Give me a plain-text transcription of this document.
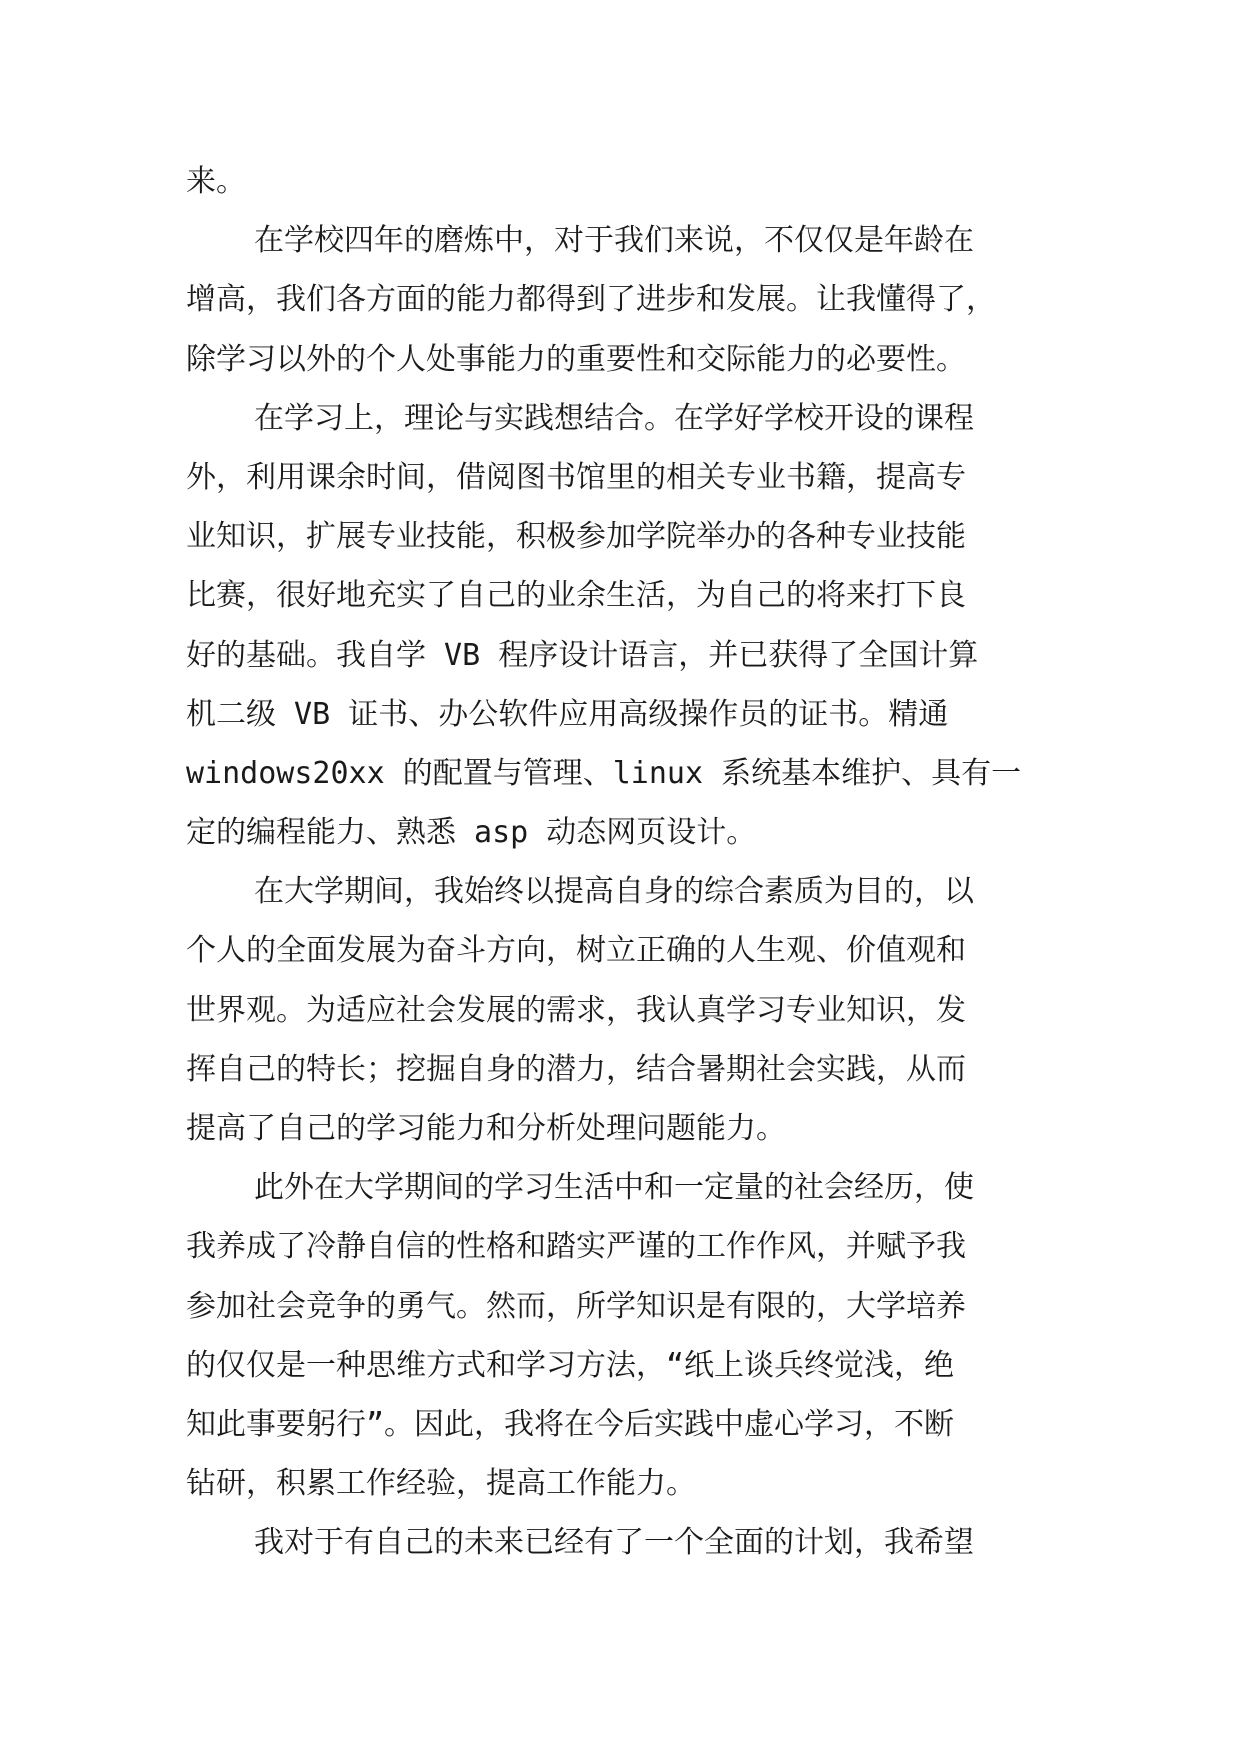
来。
在学校四年的磨炼中，对于我们来说，不仅仅是年龄在
增高，我们各方面的能力都得到了进步和发展。让我懂得了，
除学习以外的个人处事能力的重要性和交际能力的必要性。
在学习上，理论与实践想结合。在学好学校开设的课程
外，利用课余时间，借阅图书馆里的相关专业书籍，提高专
业知识，扩展专业技能，积极参加学院举办的各种专业技能
比赛，很好地充实了自己的业余生活，为自己的将来打下良
好的基础。我自学 VB 程序设计语言，并已获得了全国计算
机二级 VB 证书、办公软件应用高级操作员的证书。精通
windows20xx 的配置与管理、linux 系统基本维护、具有一
定的编程能力、熟悉 asp 动态网页设计。
在大学期间，我始终以提高自身的综合素质为目的，以
个人的全面发展为奋斗方向，树立正确的人生观、价值观和
世界观。为适应社会发展的需求，我认真学习专业知识，发
挥自己的特长；挖掘自身的潜力，结合暑期社会实践，从而
提高了自己的学习能力和分析处理问题能力。
此外在大学期间的学习生活中和一定量的社会经历，使
我养成了冷静自信的性格和踏实严谨的工作作风，并赋予我
参加社会竞争的勇气。然而，所学知识是有限的，大学培养
的仅仅是一种思维方式和学习方法，“纸上谈兵终觉浅，绝
知此事要躬行”。因此，我将在今后实践中虚心学习，不断
钻研，积累工作经验，提高工作能力。
我对于有自己的未来已经有了一个全面的计划，我希望
